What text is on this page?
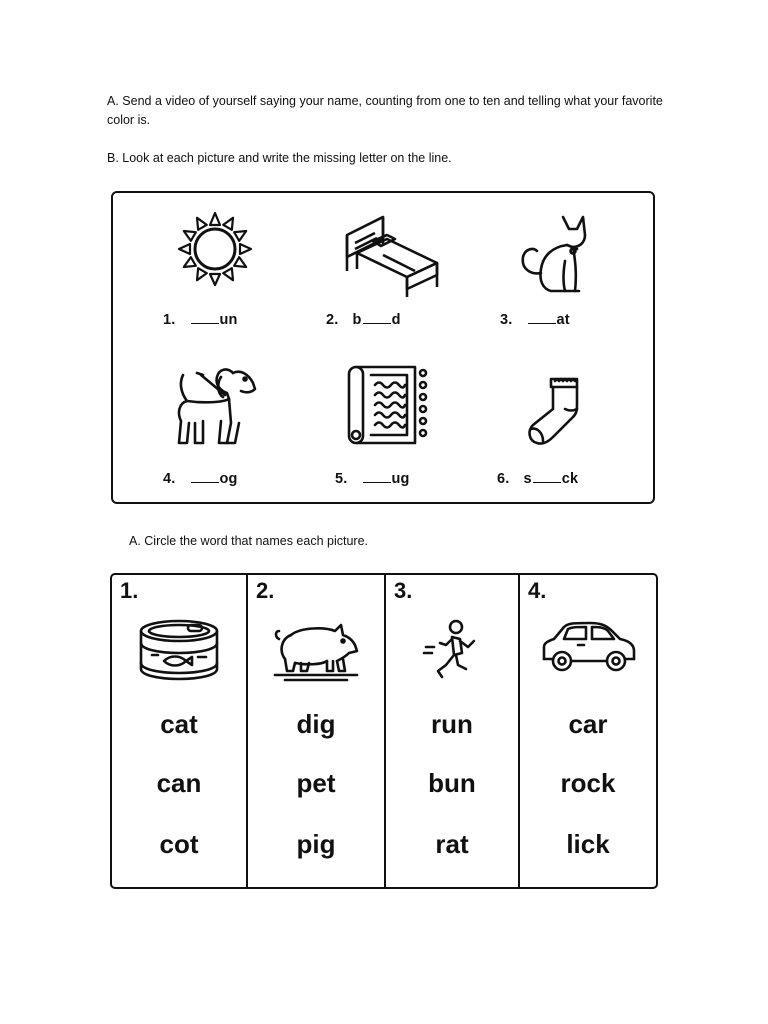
A. Send a video of yourself saying your name, counting from one to ten and telling what your favorite color is.
B. Look at each picture and write the missing letter on the line.
1.	un	2. b d	3.	at
4.	og	5.	ug	6. s ck
A. Circle the word that names each picture.
1.
cat
can
cot
2.
dig
pet
pig
3.
run
bun
rat
4.
car
rock
lick
